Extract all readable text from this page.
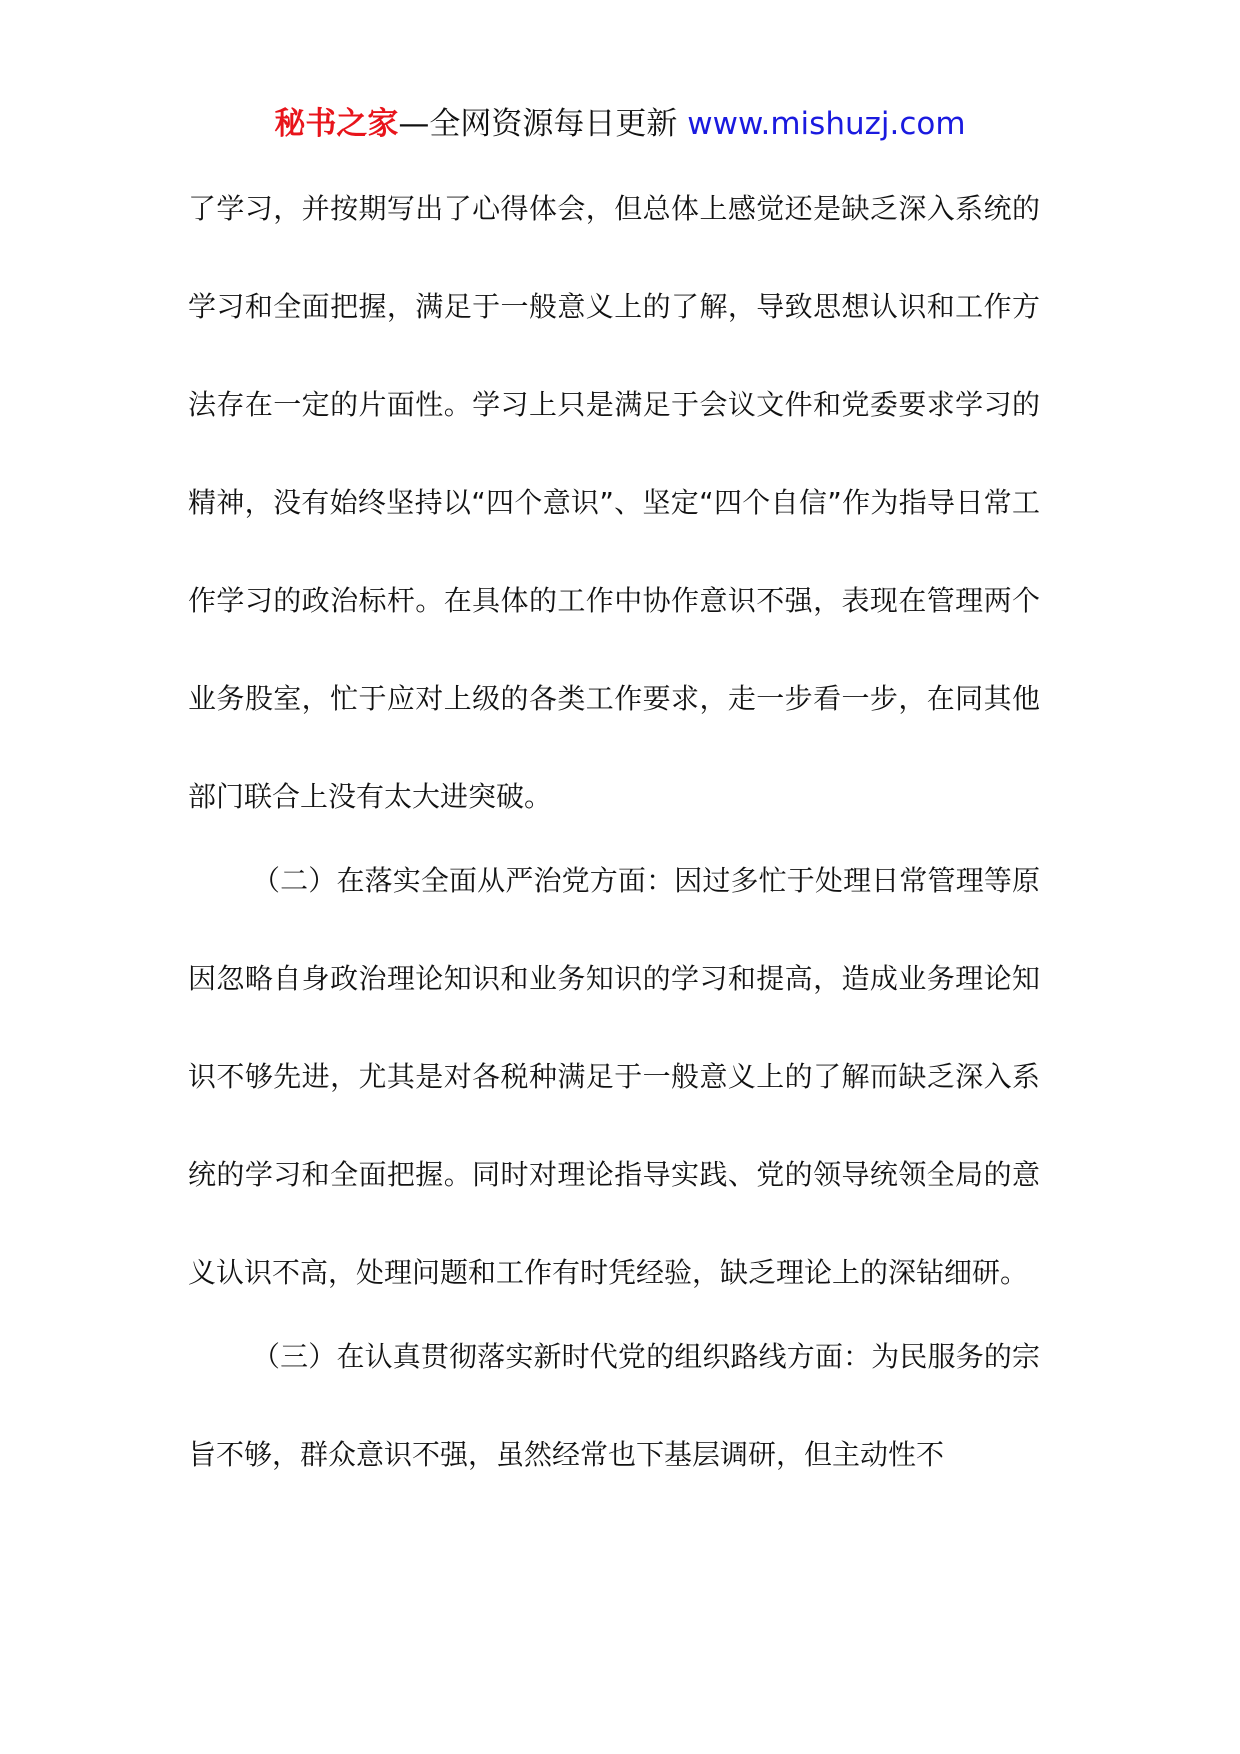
秘书之家—全网资源每日更新 www.mishuzj.com

了学习，并按期写出了心得体会，但总体上感觉还是缺乏深入系统的学习和全面把握，满足于一般意义上的了解，导致思想认识和工作方法存在一定的片面性。学习上只是满足于会议文件和党委要求学习的精神，没有始终坚持以“四个意识”、坚定“四个自信”作为指导日常工作学习的政治标杆。在具体的工作中协作意识不强，表现在管理两个业务股室，忙于应对上级的各类工作要求，走一步看一步，在同其他部门联合上没有太大进突破。

（二）在落实全面从严治党方面：因过多忙于处理日常管理等原因忽略自身政治理论知识和业务知识的学习和提高，造成业务理论知识不够先进，尤其是对各税种满足于一般意义上的了解而缺乏深入系统的学习和全面把握。同时对理论指导实践、党的领导统领全局的意义认识不高，处理问题和工作有时凭经验，缺乏理论上的深钻细研。

（三）在认真贯彻落实新时代党的组织路线方面：为民服务的宗旨不够，群众意识不强，虽然经常也下基层调研，但主动性不
